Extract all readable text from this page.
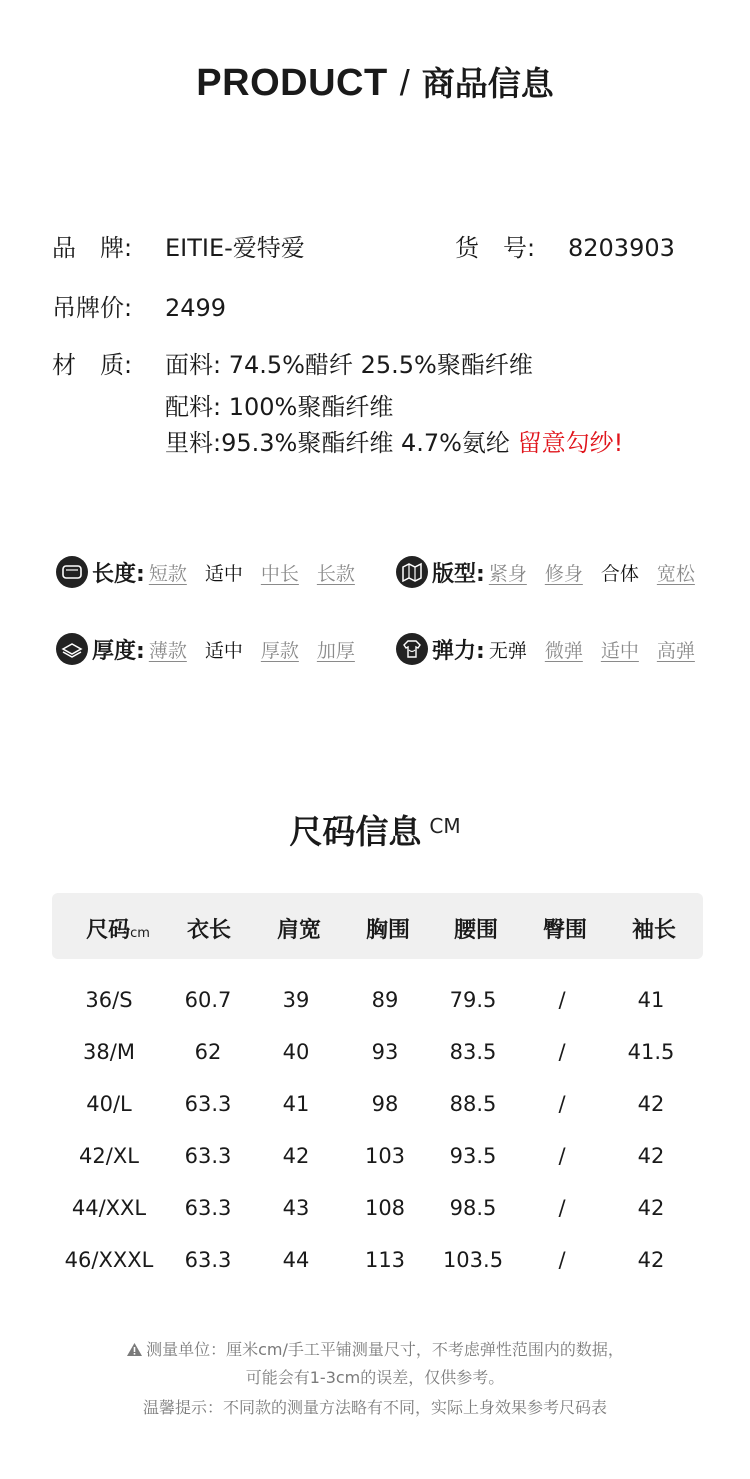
PRODUCT / 商品信息
品　牌: EITIE-爱特爱	货　号: 8203903
吊牌价: 2499
材　质: 面料: 74.5%醋纤 25.5%聚酯纤维
配料: 100%聚酯纤维
里料:95.3%聚酯纤维 4.7%氨纶 留意勾纱!
长度: 短款 适中 中长 长款	版型: 紧身 修身 合体 宽松
厚度: 薄款 适中 厚款 加厚	弹力: 无弹 微弹 适中 高弹
尺码信息 CM
尺码cm	衣长	肩宽	胸围	腰围	臀围	袖长
36/S	60.7	39	89	79.5	/	41
38/M	62	40	93	83.5	/	41.5
40/L	63.3	41	98	88.5	/	42
42/XL	63.3	42	103	93.5	/	42
44/XXL	63.3	43	108	98.5	/	42
46/XXXL	63.3	44	113	103.5	/	42
测量单位：厘米cm/手工平铺测量尺寸，不考虑弹性范围内的数据，
可能会有1-3cm的误差，仅供参考。
温馨提示：不同款的测量方法略有不同，实际上身效果参考尺码表
